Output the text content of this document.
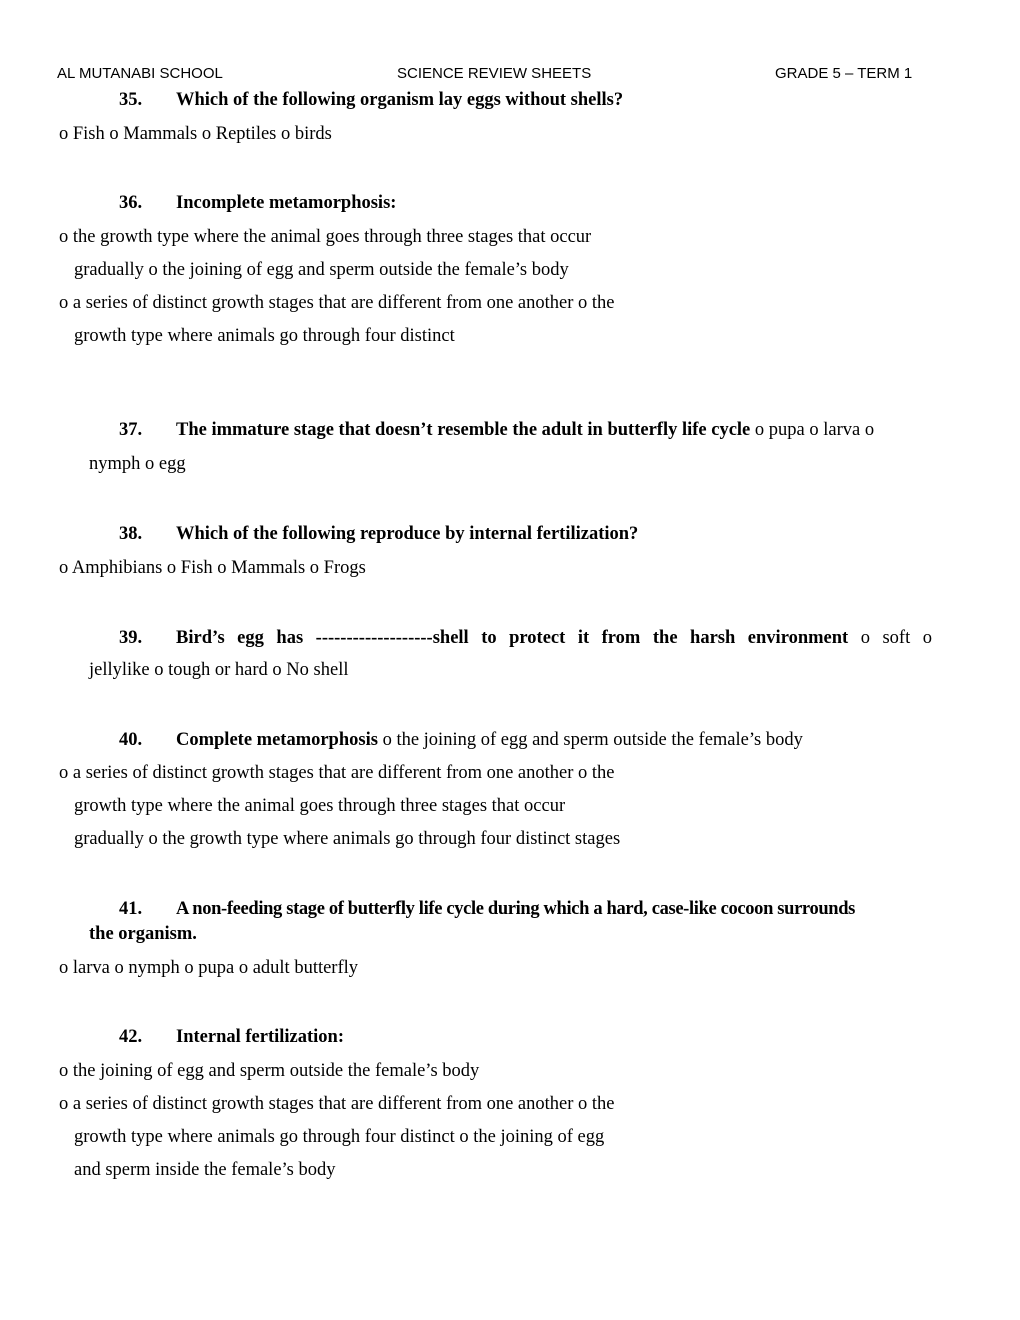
AL MUTANABI SCHOOL	SCIENCE REVIEW SHEETS	GRADE 5 – TERM 1
35. Which of the following organism lay eggs without shells?
o Fish o Mammals o Reptiles o birds
36. Incomplete metamorphosis:
o the growth type where the animal goes through three stages that occur
gradually o the joining of egg and sperm outside the female’s body
o a series of distinct growth stages that are different from one another o the
growth type where animals go through four distinct
37. The immature stage that doesn’t resemble the adult in butterfly life cycle o pupa o larva o
nymph o egg
38. Which of the following reproduce by internal fertilization?
o Amphibians o Fish o Mammals o Frogs
39. Bird’s egg has -------------------shell to protect it from the harsh environment o soft o
jellylike o tough or hard o No shell
40. Complete metamorphosis o the joining of egg and sperm outside the female’s body
o a series of distinct growth stages that are different from one another o the
growth type where the animal goes through three stages that occur
gradually o the growth type where animals go through four distinct stages
41. A non-feeding stage of butterfly life cycle during which a hard, case-like cocoon surrounds
the organism.
o larva o nymph o pupa o adult butterfly
42. Internal fertilization:
o the joining of egg and sperm outside the female’s body
o a series of distinct growth stages that are different from one another o the
growth type where animals go through four distinct o the joining of egg
and sperm inside the female’s body
